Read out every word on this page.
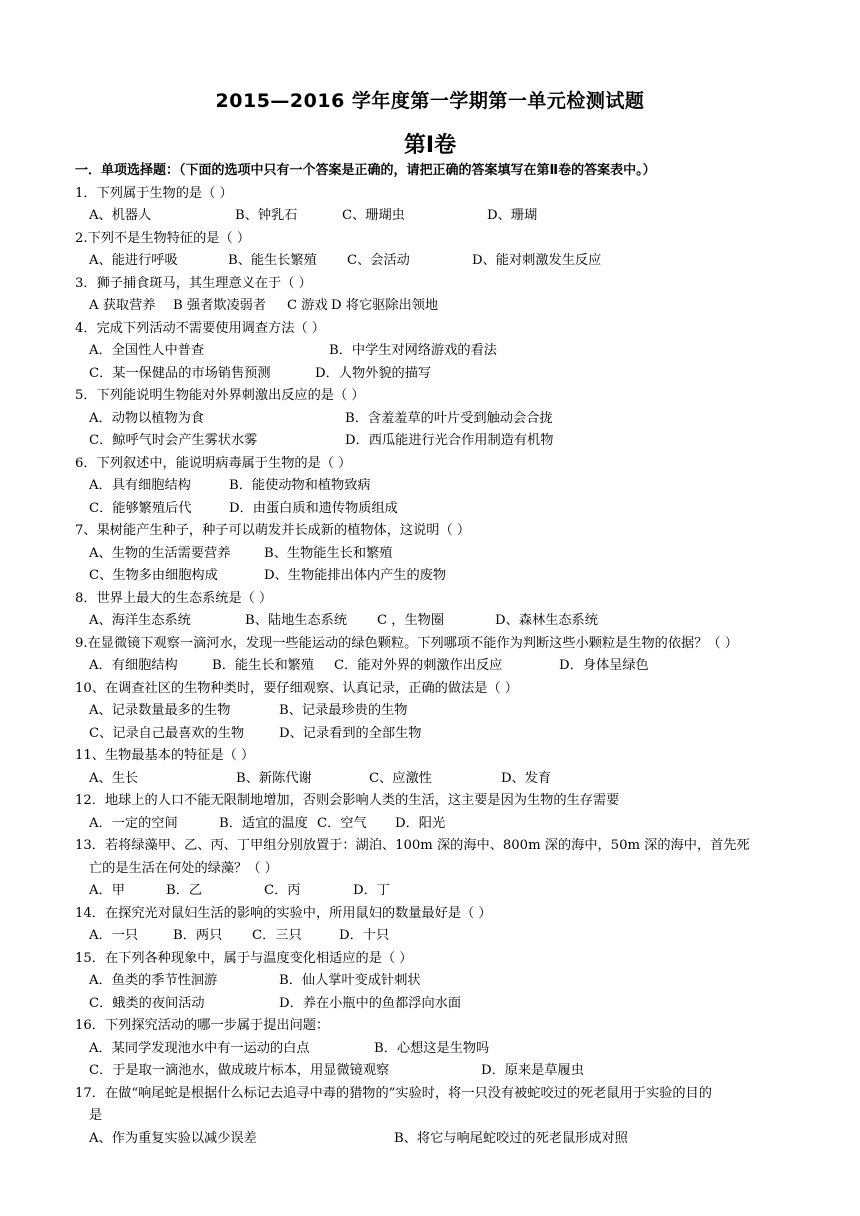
2015—2016 学年度第一学期第一单元检测试题
第Ⅰ卷
一．单项选择题：（下面的选项中只有一个答案是正确的，请把正确的答案填写在第Ⅱ卷的答案表中。）
1．下列属于生物的是（ ）
A、机器人	B、钟乳石	C、珊瑚虫	D、珊瑚
2.下列不是生物特征的是（ ）
A、能进行呼吸	B、能生长繁殖 C、会活动	D、能对刺激发生反应
3．狮子捕食斑马，其生理意义在于（ ）
A 获取营养 B 强者欺凌弱者 C 游戏 D 将它驱除出领地
4．完成下列活动不需要使用调查方法（ ）
A．全国性人中普查	B．中学生对网络游戏的看法
C．某一保健品的市场销售预测	D．人物外貌的描写
5．下列能说明生物能对外界刺激出反应的是（ ）
A．动物以植物为食	B．含羞羞草的叶片受到触动会合拢
C．鲸呼气时会产生雾状水雾	D．西瓜能进行光合作用制造有机物
6．下列叙述中，能说明病毒属于生物的是（ ）
A．具有细胞结构	B．能使动物和植物致病
C．能够繁殖后代	D．由蛋白质和遗传物质组成
7、果树能产生种子，种子可以萌发并长成新的植物体，这说明（ ）
A、生物的生活需要营养	B、生物能生长和繁殖
C、生物多由细胞构成	D、生物能排出体内产生的废物
8．世界上最大的生态系统是（ ）
A、海洋生态系统	B、陆地生态系统 C ，生物圈	D、森林生态系统
9.在显微镜下观察一滴河水，发现一些能运动的绿色颗粒。下列哪项不能作为判断这些小颗粒是生物的依据？（ ）
A．有细胞结构	B．能生长和繁殖 C．能对外界的刺激作出反应	D．身体呈绿色
10、在调查社区的生物种类时，要仔细观察、认真记录，正确的做法是（ ）
A、记录数量最多的生物	B、记录最珍贵的生物
C、记录自己最喜欢的生物	D、记录看到的全部生物
11、生物最基本的特征是（ ）
A、生长	B、新陈代谢	C、应激性	D、发育
12．地球上的人口不能无限制地增加，否则会影响人类的生活，这主要是因为生物的生存需要
A．一定的空间	B．适宜的温度 C．空气 D．阳光
13．若将绿藻甲、乙、丙、丁甲组分别放置于：湖泊、100m 深的海中、800m 深的海中，50m 深的海中，首先死
亡的是生活在何处的绿藻？（ ）
A．甲	B．乙	C．丙	D．丁
14．在探究光对鼠妇生活的影响的实验中，所用鼠妇的数量最好是（ ）
A．一只	B．两只 C．三只	D．十只
15．在下列各种现象中，属于与温度变化相适应的是（ ）
A．鱼类的季节性洄游	B．仙人掌叶变成针刺状
C．蛾类的夜间活动	D．养在小瓶中的鱼都浮向水面
16．下列探究活动的哪一步属于提出问题：
A．某同学发现池水中有一运动的白点	B．心想这是生物吗
C．于是取一滴池水，做成玻片标本，用显微镜观察	D．原来是草履虫
17．在做“响尾蛇是根据什么标记去追寻中毒的猎物的”实验时，将一只没有被蛇咬过的死老鼠用于实验的目的
是
A、作为重复实验以减少误差	B、将它与响尾蛇咬过的死老鼠形成对照
